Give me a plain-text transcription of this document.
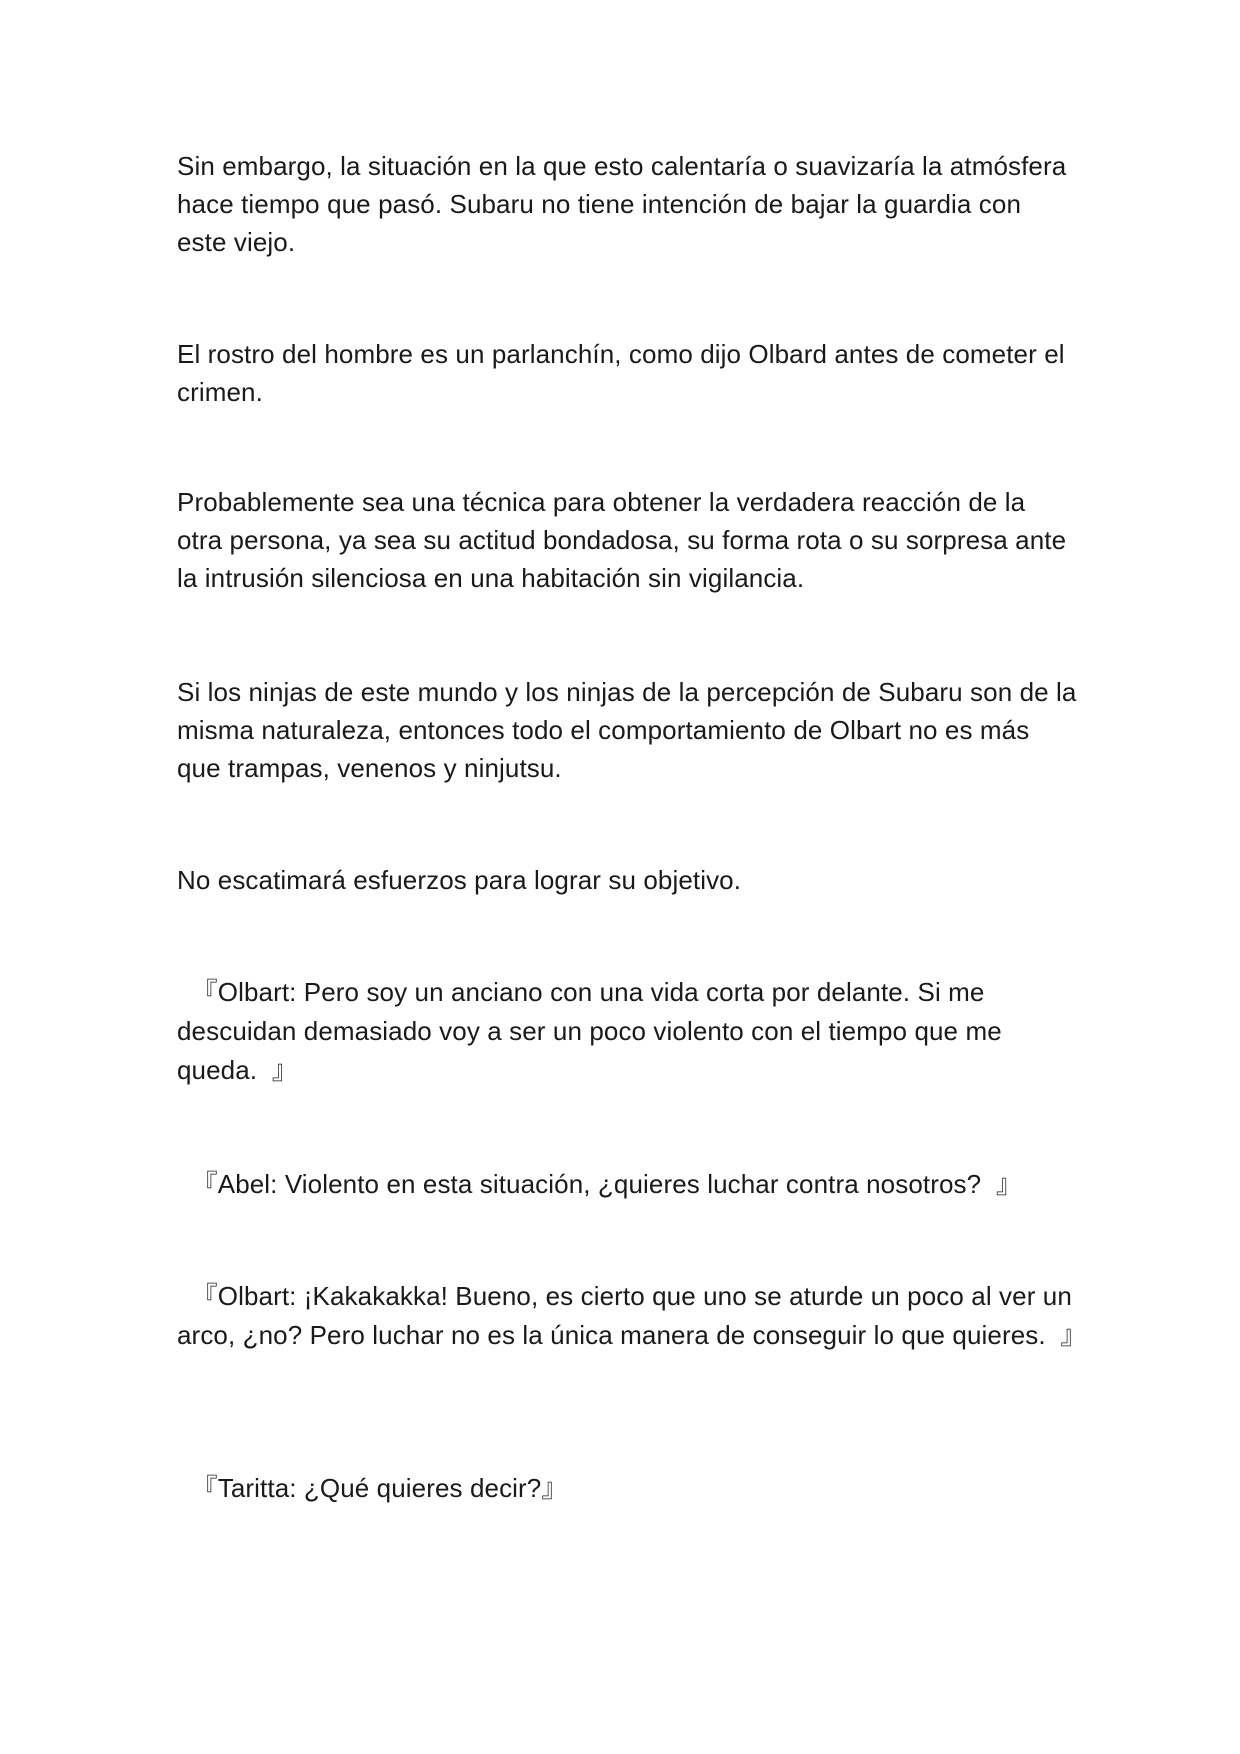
Sin embargo, la situación en la que esto calentaría o suavizaría la atmósfera hace tiempo que pasó. Subaru no tiene intención de bajar la guardia con este viejo.

El rostro del hombre es un parlanchín, como dijo Olbard antes de cometer el crimen.

Probablemente sea una técnica para obtener la verdadera reacción de la otra persona, ya sea su actitud bondadosa, su forma rota o su sorpresa ante la intrusión silenciosa en una habitación sin vigilancia.

Si los ninjas de este mundo y los ninjas de la percepción de Subaru son de la misma naturaleza, entonces todo el comportamiento de Olbart no es más que trampas, venenos y ninjutsu.

No escatimará esfuerzos para lograr su objetivo.

『Olbart: Pero soy un anciano con una vida corta por delante. Si me descuidan demasiado voy a ser un poco violento con el tiempo que me queda.  』

『Abel: Violento en esta situación, ¿quieres luchar contra nosotros?  』

『Olbart: ¡Kakakakka! Bueno, es cierto que uno se aturde un poco al ver un arco, ¿no? Pero luchar no es la única manera de conseguir lo que quieres.  』

『Taritta: ¿Qué quieres decir?』
